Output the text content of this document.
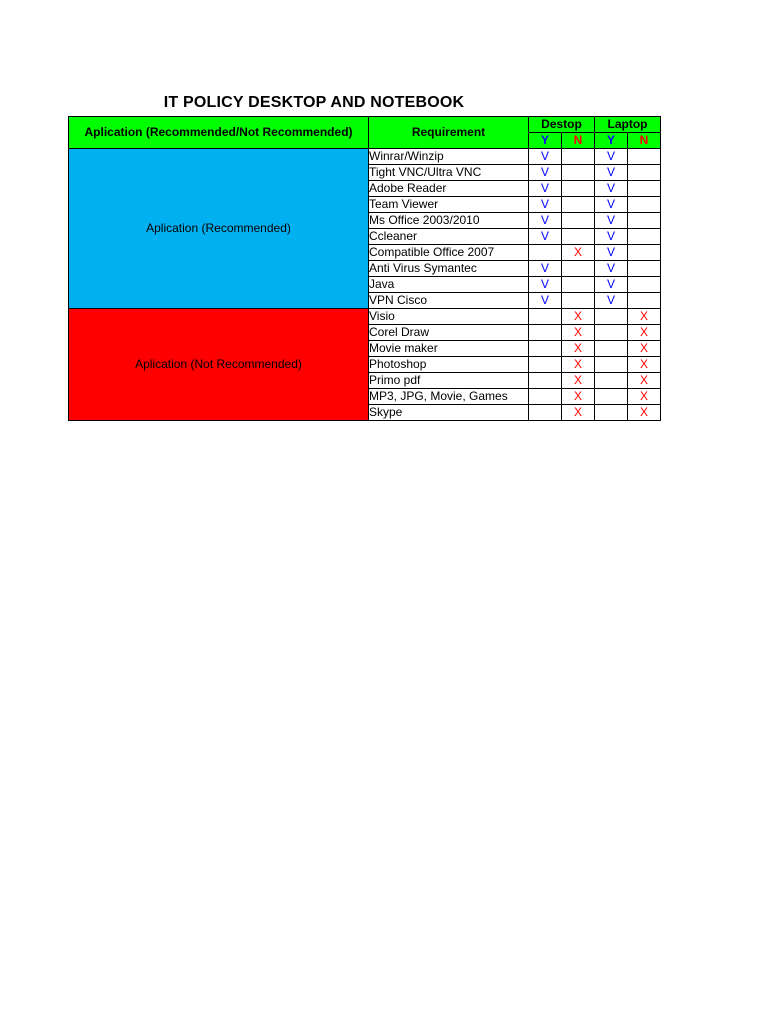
IT POLICY DESKTOP AND NOTEBOOK
Aplication (Recommended/Not Recommended)	Requirement	Destop		Laptop	
		Y	N	Y	N
Aplication (Recommended)	Winrar/Winzip	V		V	
	Tight VNC/Ultra VNC	V		V	
	Adobe Reader	V		V	
	Team Viewer	V		V	
	Ms Office 2003/2010	V		V	
	Ccleaner	V		V	
	Compatible Office 2007		X	V	
	Anti Virus Symantec	V		V	
	Java	V		V	
	VPN Cisco	V		V	
Aplication (Not Recommended)	Visio		X		X
	Corel Draw		X		X
	Movie maker		X		X
	Photoshop		X		X
	Primo pdf		X		X
	MP3, JPG, Movie, Games		X		X
	Skype		X		X
